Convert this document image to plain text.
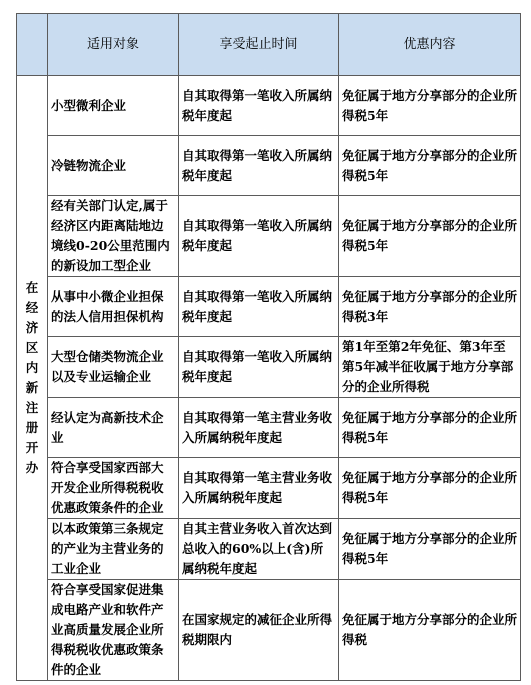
	适用对象	享受起止时间	优惠内容
在经济区内新注册开办	小型微利企业	自其取得第一笔收入所属纳税年度起	免征属于地方分享部分的企业所得税5年
	冷链物流企业	自其取得第一笔收入所属纳税年度起	免征属于地方分享部分的企业所得税5年
	经有关部门认定,属于经济区内距离陆地边境线0-20公里范围内的新设加工型企业	自其取得第一笔收入所属纳税年度起	免征属于地方分享部分的企业所得税5年
	从事中小微企业担保的法人信用担保机构	自其取得第一笔收入所属纳税年度起	免征属于地方分享部分的企业所得税3年
	大型仓储类物流企业以及专业运输企业	自其取得第一笔收入所属纳税年度起	第1年至第2年免征、第3年至第5年减半征收属于地方分享部分的企业所得税
	经认定为高新技术企业	自其取得第一笔主营业务收入所属纳税年度起	免征属于地方分享部分的企业所得税5年
	符合享受国家西部大开发企业所得税税收优惠政策条件的企业	自其取得第一笔主营业务收入所属纳税年度起	免征属于地方分享部分的企业所得税5年
	以本政策第三条规定的产业为主营业务的工业企业	自其主营业务收入首次达到总收入的60%以上(含)所属纳税年度起	免征属于地方分享部分的企业所得税5年
	符合享受国家促进集成电路产业和软件产业高质量发展企业所得税税收优惠政策条件的企业	在国家规定的减征企业所得税期限内	免征属于地方分享部分的企业所得税
